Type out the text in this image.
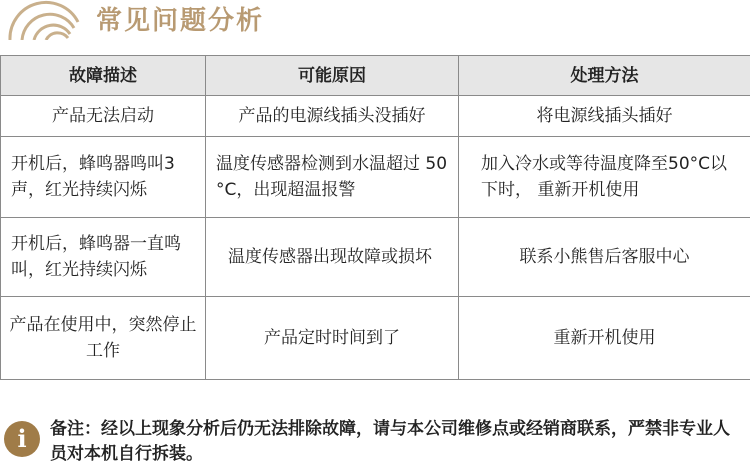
常见问题分析
故障描述	可能原因	处理方法
产品无法启动	产品的电源线插头没插好	将电源线插头插好
开机后，蜂鸣器鸣叫3 声，红光持续闪烁	温度传感器检测到水温超过 50 °C，出现超温报警	加入冷水或等待温度降至50°C以下时， 重新开机使用
开机后，蜂鸣器一直鸣叫，红光持续闪烁	温度传感器出现故障或损坏	联系小熊售后客服中心
产品在使用中，突然停止工作	产品定时时间到了	重新开机使用
i	备注：经以上现象分析后仍无法排除故障，请与本公司维修点或经销商联系，严禁非专业人员对本机自行拆装。
